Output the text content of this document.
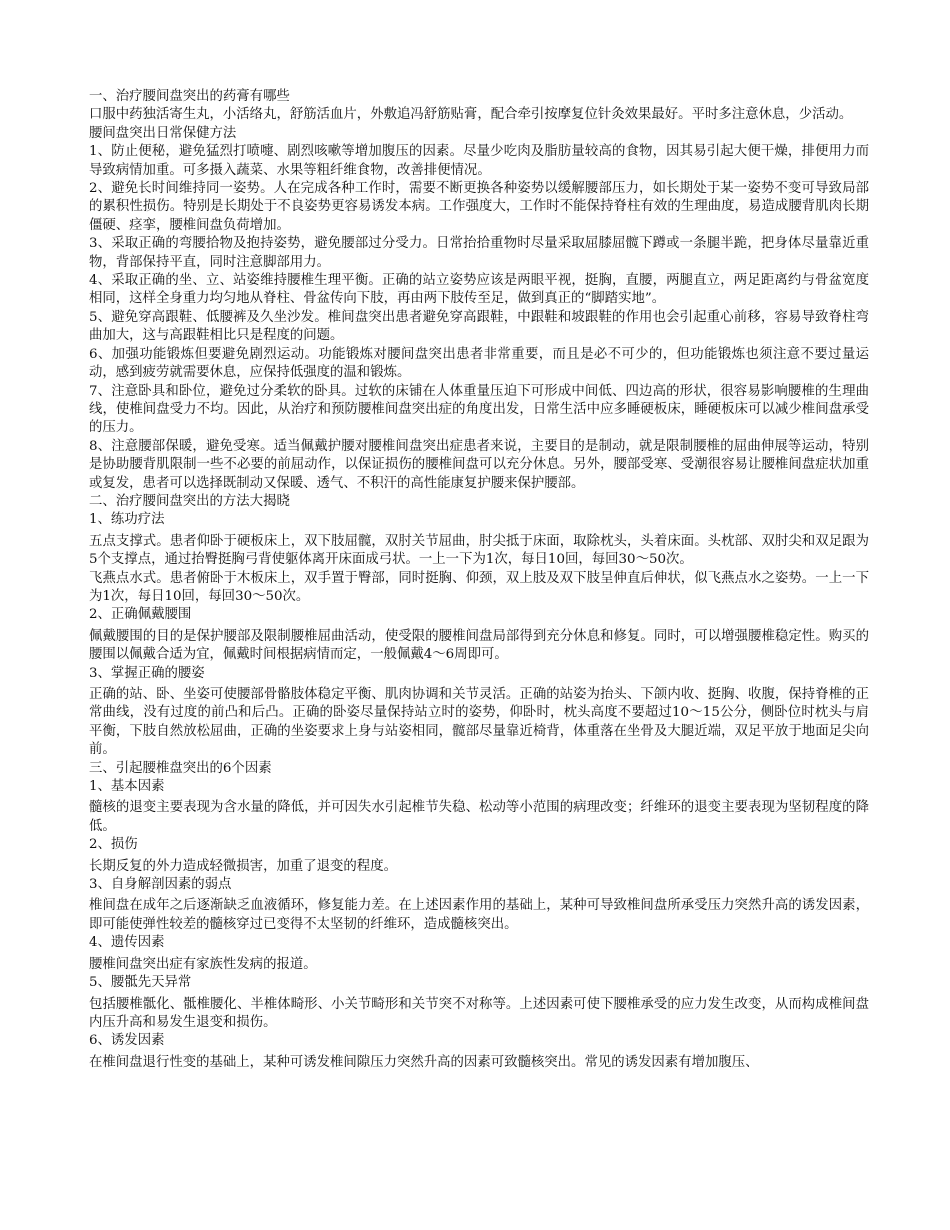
一、治疗腰间盘突出的药膏有哪些

口服中药独活寄生丸，小活络丸，舒筋活血片，外敷追冯舒筋贴膏，配合牵引按摩复位针灸效果最好。平时多注意休息，少活动。

腰间盘突出日常保健方法

1、防止便秘，避免猛烈打喷嚏、剧烈咳嗽等增加腹压的因素。尽量少吃肉及脂肪量较高的食物，因其易引起大便干燥，排便用力而导致病情加重。可多摄入蔬菜、水果等粗纤维食物，改善排便情况。

2、避免长时间维持同一姿势。人在完成各种工作时，需要不断更换各种姿势以缓解腰部压力，如长期处于某一姿势不变可导致局部的累积性损伤。特别是长期处于不良姿势更容易诱发本病。工作强度大，工作时不能保持脊柱有效的生理曲度，易造成腰背肌肉长期僵硬、痉挛，腰椎间盘负荷增加。

3、采取正确的弯腰拾物及抱持姿势，避免腰部过分受力。日常抬拾重物时尽量采取屈膝屈髋下蹲或一条腿半跪，把身体尽量靠近重物，背部保持平直，同时注意脚部用力。

4、采取正确的坐、立、站姿维持腰椎生理平衡。正确的站立姿势应该是两眼平视，挺胸，直腰，两腿直立，两足距离约与骨盆宽度相同，这样全身重力均匀地从脊柱、骨盆传向下肢，再由两下肢传至足，做到真正的“脚踏实地”。

5、避免穿高跟鞋、低腰裤及久坐沙发。椎间盘突出患者避免穿高跟鞋，中跟鞋和坡跟鞋的作用也会引起重心前移，容易导致脊柱弯曲加大，这与高跟鞋相比只是程度的问题。

6、加强功能锻炼但要避免剧烈运动。功能锻炼对腰间盘突出患者非常重要，而且是必不可少的，但功能锻炼也须注意不要过量运动，感到疲劳就需要休息，应保持低强度的温和锻炼。

7、注意卧具和卧位，避免过分柔软的卧具。过软的床铺在人体重量压迫下可形成中间低、四边高的形状，很容易影响腰椎的生理曲线，使椎间盘受力不均。因此，从治疗和预防腰椎间盘突出症的角度出发，日常生活中应多睡硬板床，睡硬板床可以减少椎间盘承受的压力。

8、注意腰部保暖，避免受寒。适当佩戴护腰对腰椎间盘突出症患者来说，主要目的是制动，就是限制腰椎的屈曲伸展等运动，特别是协助腰背肌限制一些不必要的前屈动作，以保证损伤的腰椎间盘可以充分休息。另外，腰部受寒、受潮很容易让腰椎间盘症状加重或复发，患者可以选择既制动又保暖、透气、不积汗的高性能康复护腰来保护腰部。

二、治疗腰间盘突出的方法大揭晓

1、练功疗法

五点支撑式。患者仰卧于硬板床上，双下肢屈髋，双肘关节屈曲，肘尖抵于床面，取除枕头，头着床面。头枕部、双肘尖和双足跟为5个支撑点，通过抬臀挺胸弓背使躯体离开床面成弓状。一上一下为1次，每日10回，每回30～50次。

飞燕点水式。患者俯卧于木板床上，双手置于臀部，同时挺胸、仰颈，双上肢及双下肢呈伸直后伸状，似飞燕点水之姿势。一上一下为1次，每日10回，每回30～50次。

2、正确佩戴腰围

佩戴腰围的目的是保护腰部及限制腰椎屈曲活动，使受限的腰椎间盘局部得到充分休息和修复。同时，可以增强腰椎稳定性。购买的腰围以佩戴合适为宜，佩戴时间根据病情而定，一般佩戴4～6周即可。

3、掌握正确的腰姿

正确的站、卧、坐姿可使腰部骨骼肢体稳定平衡、肌肉协调和关节灵活。正确的站姿为抬头、下颌内收、挺胸、收腹，保持脊椎的正常曲线，没有过度的前凸和后凸。正确的卧姿尽量保持站立时的姿势，仰卧时，枕头高度不要超过10～15公分，侧卧位时枕头与肩平衡，下肢自然放松屈曲，正确的坐姿要求上身与站姿相同，髋部尽量靠近椅背，体重落在坐骨及大腿近端，双足平放于地面足尖向前。

三、引起腰椎盘突出的6个因素

1、基本因素

髓核的退变主要表现为含水量的降低，并可因失水引起椎节失稳、松动等小范围的病理改变；纤维环的退变主要表现为坚韧程度的降低。

2、损伤

长期反复的外力造成轻微损害，加重了退变的程度。

3、自身解剖因素的弱点

椎间盘在成年之后逐渐缺乏血液循环，修复能力差。在上述因素作用的基础上，某种可导致椎间盘所承受压力突然升高的诱发因素，即可能使弹性较差的髓核穿过已变得不太坚韧的纤维环，造成髓核突出。

4、遗传因素

腰椎间盘突出症有家族性发病的报道。

5、腰骶先天异常

包括腰椎骶化、骶椎腰化、半椎体畸形、小关节畸形和关节突不对称等。上述因素可使下腰椎承受的应力发生改变，从而构成椎间盘内压升高和易发生退变和损伤。

6、诱发因素

在椎间盘退行性变的基础上，某种可诱发椎间隙压力突然升高的因素可致髓核突出。常见的诱发因素有增加腹压、
